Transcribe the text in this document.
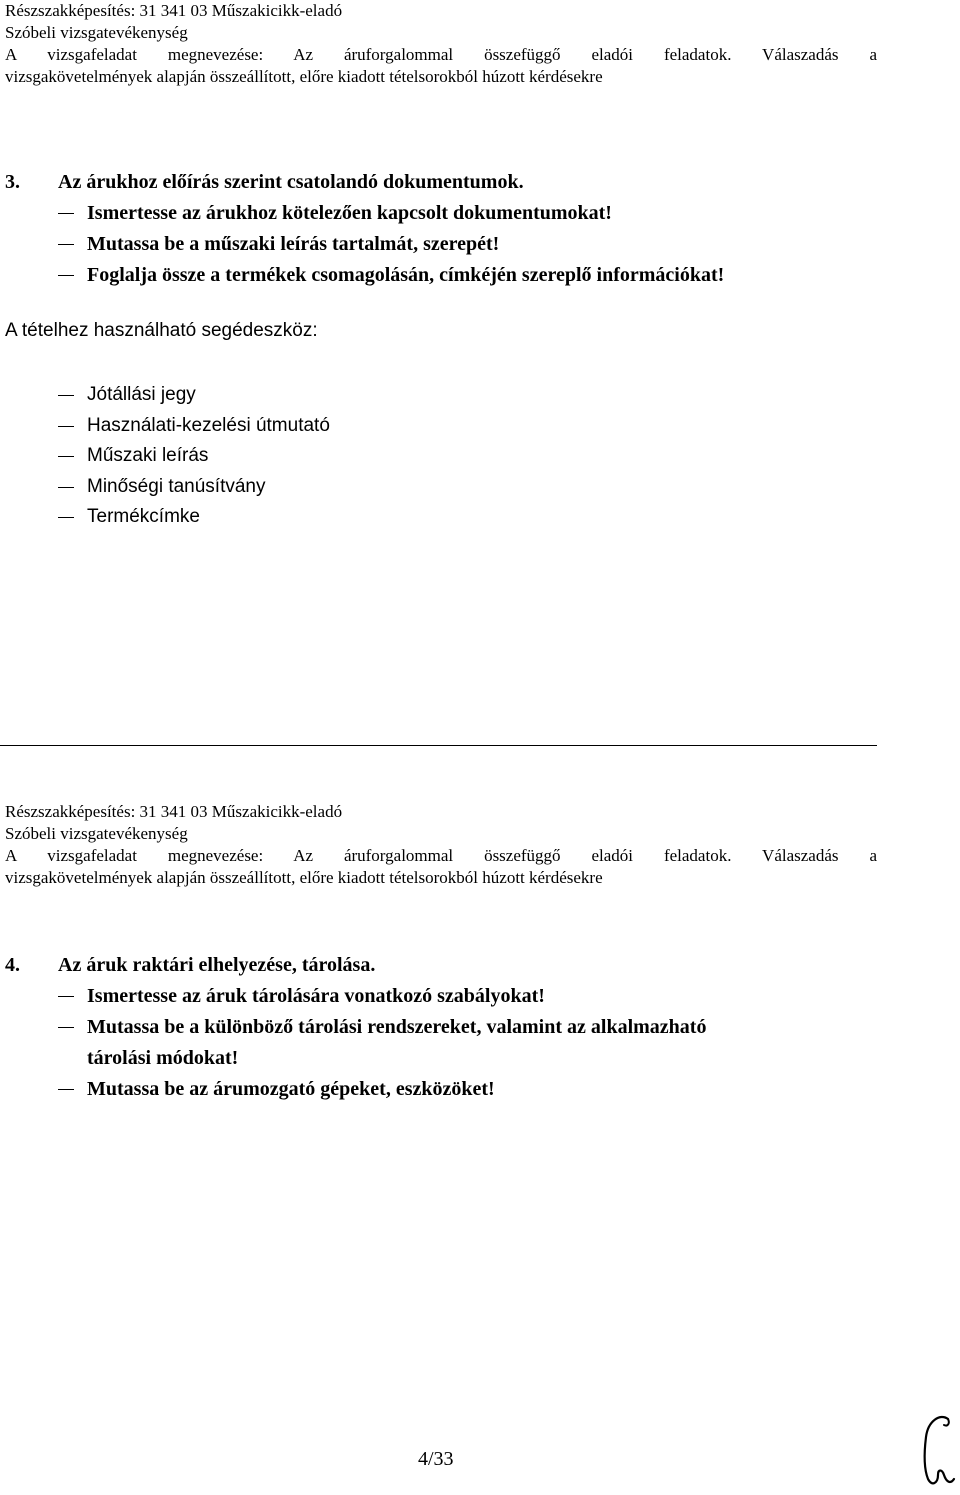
Részszakképesítés: 31 341 03 Műszakicikk-eladó
Szóbeli vizsgatevékenység
A vizsgafeladat megnevezése: Az áruforgalommal összefüggő eladói feladatok. Válaszadás a
vizsgakövetelmények alapján összeállított, előre kiadott tételsorokból húzott kérdésekre
3. Az árukhoz előírás szerint csatolandó dokumentumok.
Ismertesse az árukhoz kötelezően kapcsolt dokumentumokat!
Mutassa be a műszaki leírás tartalmát, szerepét!
Foglalja össze a termékek csomagolásán, címkéjén szereplő információkat!
A tételhez használható segédeszköz:
Jótállási jegy
Használati-kezelési útmutató
Műszaki leírás
Minőségi tanúsítvány
Termékcímke
Részszakképesítés: 31 341 03 Műszakicikk-eladó
Szóbeli vizsgatevékenység
A vizsgafeladat megnevezése: Az áruforgalommal összefüggő eladói feladatok. Válaszadás a
vizsgakövetelmények alapján összeállított, előre kiadott tételsorokból húzott kérdésekre
4. Az áruk raktári elhelyezése, tárolása.
Ismertesse az áruk tárolására vonatkozó szabályokat!
Mutassa be a különböző tárolási rendszereket, valamint az alkalmazható
tárolási módokat!
Mutassa be az árumozgató gépeket, eszközöket!
4/33
